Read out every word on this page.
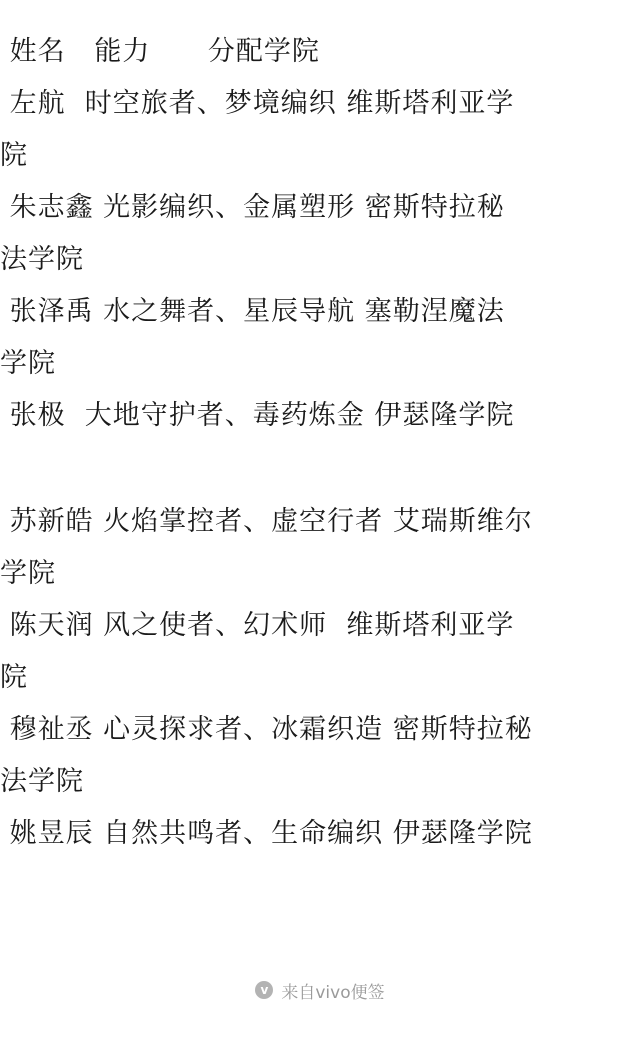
姓名   能力      分配学院
左航  时空旅者、梦境编织 维斯塔利亚学
院
朱志鑫 光影编织、金属塑形 密斯特拉秘
法学院
张泽禹 水之舞者、星辰导航 塞勒涅魔法
学院
张极  大地守护者、毒药炼金 伊瑟隆学院
苏新皓 火焰掌控者、虚空行者 艾瑞斯维尔
学院
陈天润 风之使者、幻术师  维斯塔利亚学
院
穆祉丞 心灵探求者、冰霜织造 密斯特拉秘
法学院
姚昱辰 自然共鸣者、生命编织 伊瑟隆学院
v 来自vivo便签
